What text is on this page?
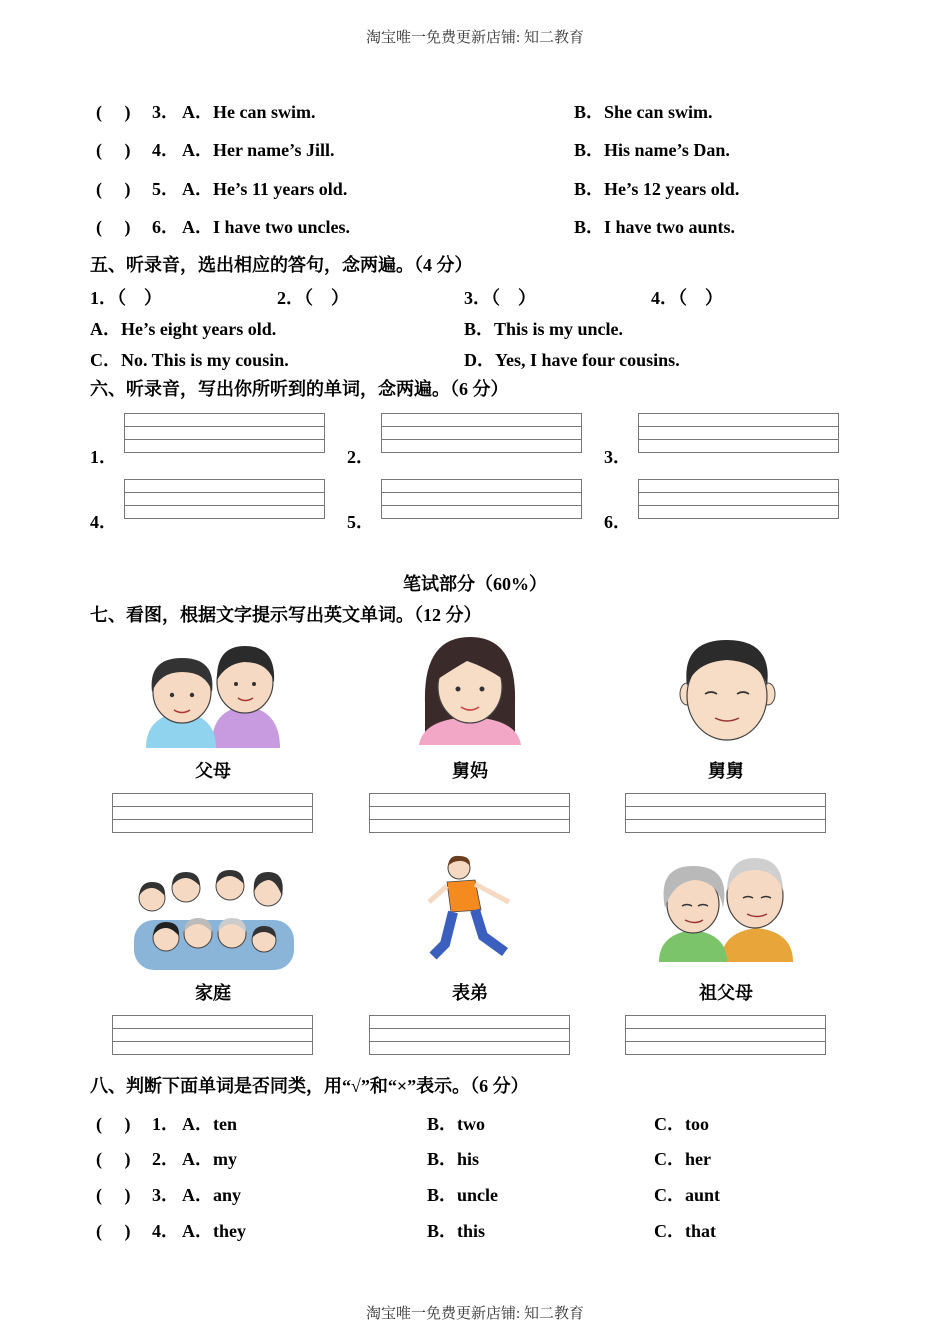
淘宝唯一免费更新店铺: 知二教育
(　 ) 3． A．He can swim.	B．She can swim.
(　 ) 4． A．Her name’s Jill.	B．His name’s Dan.
(　 ) 5． A．He’s 11 years old.	B．He’s 12 years old.
(　 ) 6． A．I have two uncles.	B．I have two aunts.
五、听录音，选出相应的答句，念两遍。（4 分）
1．（　）	2．（　）	3．（　）	4．（　）
A．He’s eight years old.	B．This is my uncle.
C．No. This is my cousin.	D．Yes, I have four cousins.
六、听录音，写出你所听到的单词，念两遍。（6 分）
1．	2．	3．
4．	5．	6．
笔试部分（60%）
七、看图，根据文字提示写出英文单词。（12 分）
父母	舅妈	舅舅
家庭	表弟	祖父母
八、判断下面单词是否同类，用“√”和“×”表示。（6 分）
(　 ) 1． A．ten	B．two	C．too
(　 ) 2． A．my	B．his	C．her
(　 ) 3． A．any	B．uncle	C．aunt
(　 ) 4． A．they	B．this	C．that
淘宝唯一免费更新店铺: 知二教育
